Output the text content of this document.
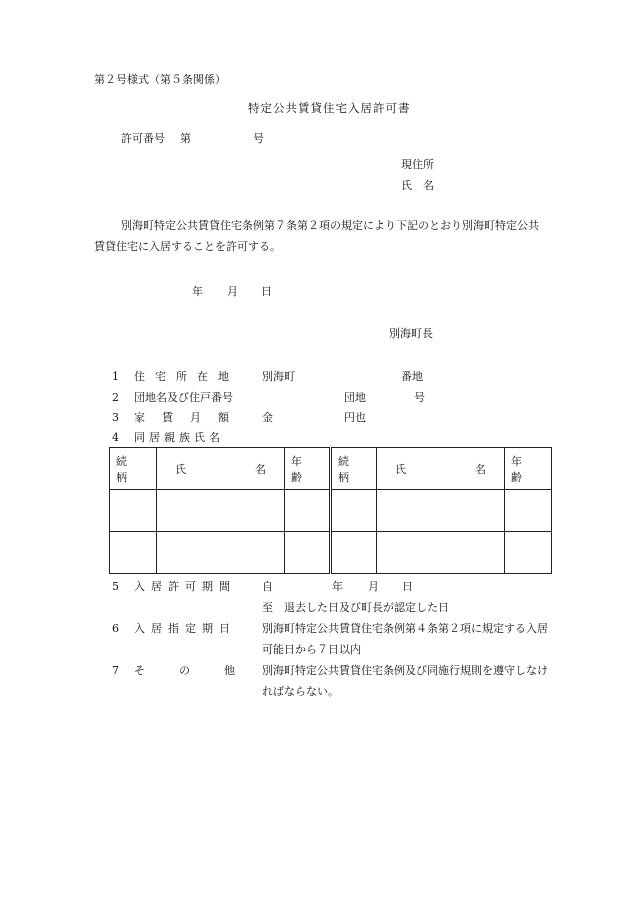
第２号様式（第５条関係）
特定公共賃貸住宅入居許可書
許可番号 第	号
現住所
氏　名
別海町特定公共賃貸住宅条例第７条第２項の規定により下記のとおり別海町特定公共
賃貸住宅に入居することを許可する。
年 月 日
別海町長
1 住宅所在地 別海町	番地
2 団地名及び住戸番号	団地	号
3 家賃月額 金	円也
4 同居親族氏名
続柄	氏 名	年齢	続柄	氏 名	年齢

5 入居許可期間 自	年 月 日
至　退去した日及び町長が認定した日
6 入居指定期日 別海町特定公共賃貸住宅条例第４条第２項に規定する入居
可能日から７日以内
7 その他
別海町特定公共賃貸住宅条例及び同施行規則を遵守しなけ
ればならない。
